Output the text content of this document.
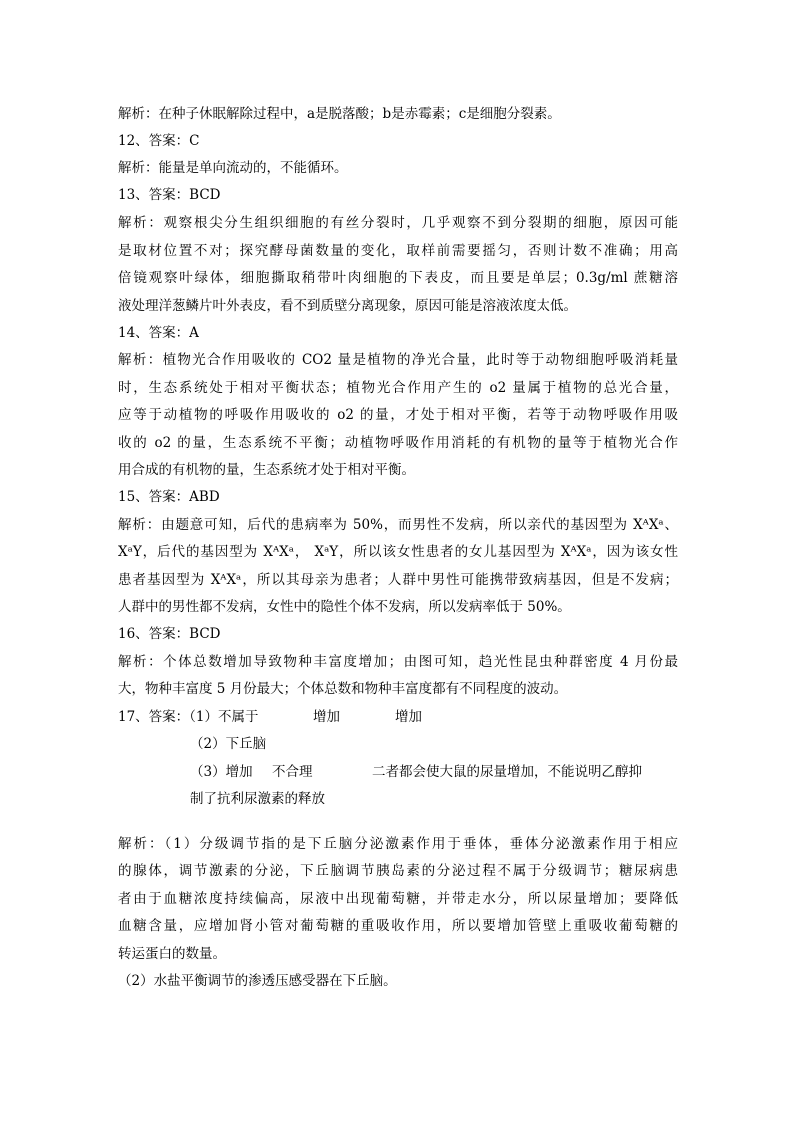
解析：在种子休眠解除过程中，a是脱落酸；b是赤霉素；c是细胞分裂素。
12、答案：C
解析：能量是单向流动的，不能循环。
13、答案：BCD
解析：观察根尖分生组织细胞的有丝分裂时，几乎观察不到分裂期的细胞，原因可能
是取材位置不对；探究酵母菌数量的变化，取样前需要摇匀，否则计数不准确；用高
倍镜观察叶绿体，细胞撕取稍带叶肉细胞的下表皮，而且要是单层；0.3g/ml 蔗糖溶
液处理洋葱鳞片叶外表皮，看不到质壁分离现象，原因可能是溶液浓度太低。
14、答案：A
解析：植物光合作用吸收的 CO2 量是植物的净光合量，此时等于动物细胞呼吸消耗量
时，生态系统处于相对平衡状态；植物光合作用产生的 o2 量属于植物的总光合量，
应等于动植物的呼吸作用吸收的 o2 的量，才处于相对平衡，若等于动物呼吸作用吸
收的 o2 的量，生态系统不平衡；动植物呼吸作用消耗的有机物的量等于植物光合作
用合成的有机物的量，生态系统才处于相对平衡。
15、答案：ABD
解析：由题意可知，后代的患病率为 50%，而男性不发病，所以亲代的基因型为 XᴬXᵃ、
XᵃY，后代的基因型为 XᴬXᵃ， XᵃY，所以该女性患者的女儿基因型为 XᴬXᵃ，因为该女性
患者基因型为 XᴬXᵃ，所以其母亲为患者；人群中男性可能携带致病基因，但是不发病；
人群中的男性都不发病，女性中的隐性个体不发病，所以发病率低于 50%。
16、答案：BCD
解析：个体总数增加导致物种丰富度增加；由图可知，趋光性昆虫种群密度 4 月份最
大，物种丰富度 5 月份最大；个体总数和物种丰富度都有不同程度的波动。
17、答案：（1）不属于	增加	增加
（2）下丘脑
（3）增加 不合理	二者都会使大鼠的尿量增加，不能说明乙醇抑
制了抗利尿激素的释放
解析：（1）分级调节指的是下丘脑分泌激素作用于垂体，垂体分泌激素作用于相应
的腺体，调节激素的分泌，下丘脑调节胰岛素的分泌过程不属于分级调节；糖尿病患
者由于血糖浓度持续偏高，尿液中出现葡萄糖，并带走水分，所以尿量增加；要降低
血糖含量，应增加肾小管对葡萄糖的重吸收作用，所以要增加管壁上重吸收葡萄糖的
转运蛋白的数量。
（2）水盐平衡调节的渗透压感受器在下丘脑。
